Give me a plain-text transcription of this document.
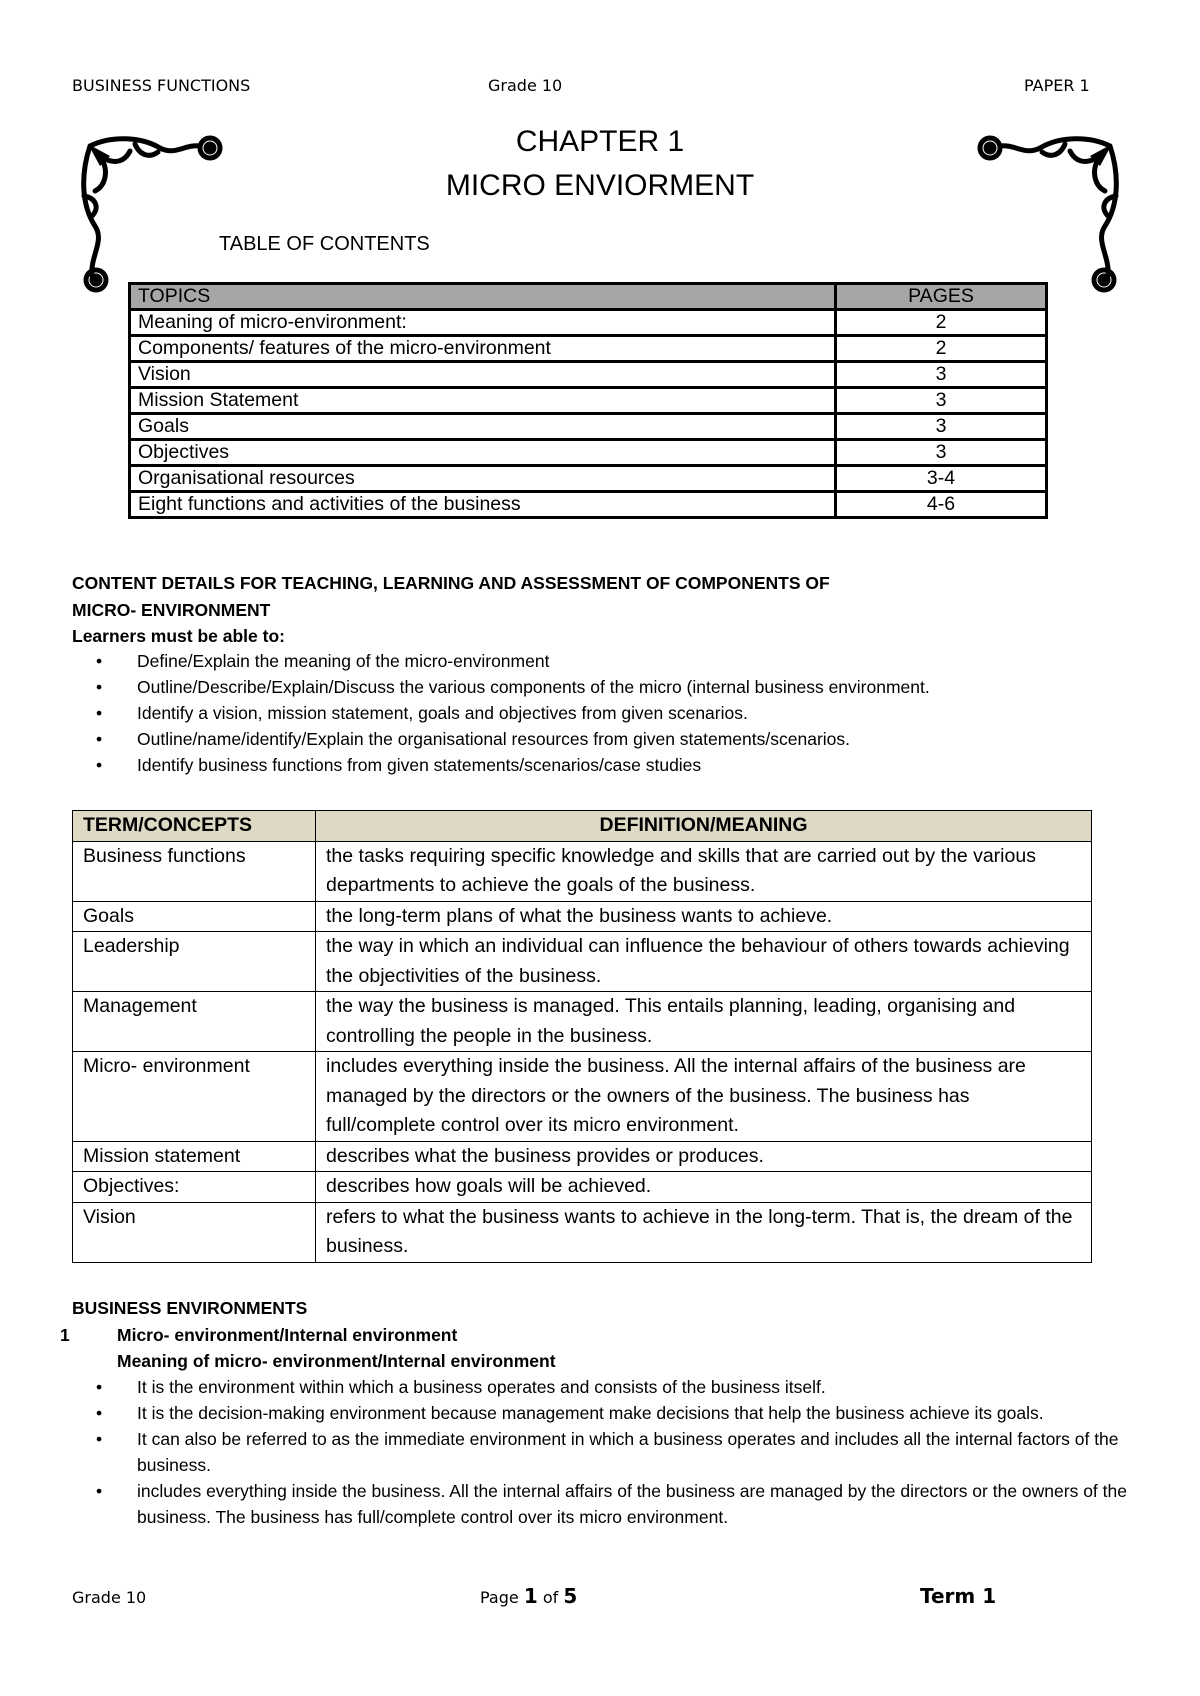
BUSINESS FUNCTIONS	Grade 10	PAPER 1
CHAPTER 1
MICRO ENVIORMENT
TABLE OF CONTENTS
TOPICS	PAGES
Meaning of micro-environment:	2
Components/ features of the micro-environment	2
Vision	3
Mission Statement	3
Goals	3
Objectives	3
Organisational resources	3-4
Eight functions and activities of the business	4-6
CONTENT DETAILS FOR TEACHING, LEARNING AND ASSESSMENT OF COMPONENTS OF
MICRO- ENVIRONMENT
Learners must be able to:
• Define/Explain the meaning of the micro-environment
• Outline/Describe/Explain/Discuss the various components of the micro (internal business environment.
• Identify a vision, mission statement, goals and objectives from given scenarios.
• Outline/name/identify/Explain the organisational resources from given statements/scenarios.
• Identify business functions from given statements/scenarios/case studies
TERM/CONCEPTS	DEFINITION/MEANING
Business functions	the tasks requiring specific knowledge and skills that are carried out by the various departments to achieve the goals of the business.
Goals	the long-term plans of what the business wants to achieve.
Leadership	the way in which an individual can influence the behaviour of others towards achieving the objectivities of the business.
Management	the way the business is managed. This entails planning, leading, organising and controlling the people in the business.
Micro- environment	includes everything inside the business. All the internal affairs of the business are managed by the directors or the owners of the business. The business has full/complete control over its micro environment.
Mission statement	describes what the business provides or produces.
Objectives:	describes how goals will be achieved.
Vision	refers to what the business wants to achieve in the long-term. That is, the dream of the business.
BUSINESS ENVIRONMENTS
1	Micro- environment/Internal environment
Meaning of micro- environment/Internal environment
• It is the environment within which a business operates and consists of the business itself.
• It is the decision-making environment because management make decisions that help the business achieve its goals.
• It can also be referred to as the immediate environment in which a business operates and includes all the internal factors of the business.
• includes everything inside the business. All the internal affairs of the business are managed by the directors or the owners of the business. The business has full/complete control over its micro environment.
Grade 10	Page 1 of 5	Term 1
